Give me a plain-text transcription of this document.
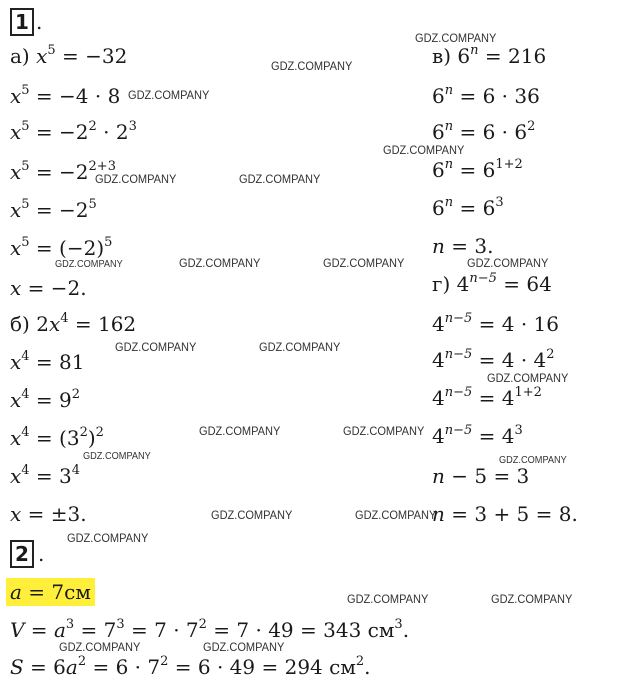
1 .
а) $x^5 = -32$
$x^5 = -4 \cdot 8$
$x^5 = -2^2 \cdot 2^3$
$x^5 = -2^{2+3}$
$x^5 = -2^5$
$x^5 = (-2)^5$
x = −2.
б) $2x^4 = 162$
$x^4 = 81$
$x^4 = 9^2$
$x^4 = (3^2)^2$
$x^4 = 3^4$
x = ±3.
в) $6^n = 216$
$6^n = 6 \cdot 36$
$6^n = 6 \cdot 6^2$
$6^n = 6^{1+2}$
$6^n = 6^3$
n = 3.
г) $4^{n-5} = 64$
$4^{n-5} = 4 \cdot 16$
$4^{n-5} = 4 \cdot 4^2$
$4^{n-5} = 4^{1+2}$
$4^{n-5} = 4^3$
n − 5 = 3
n = 3 + 5 = 8.
2 .
a = 7см
$V = a^3 = 7^3 = 7 \cdot 7^2 = 7 \cdot 49 = 343$ $см^3$.
$S = 6a^2 = 6 \cdot 7^2 = 6 \cdot 49 = 294$ $см^2$.
GDZ.COMPANY
GDZ.COMPANY
GDZ.COMPANY
GDZ.COMPANY
GDZ.COMPANY	GDZ.COMPANY
GDZ.COMPANY	GDZ.COMPANY	GDZ.COMPANY	GDZ.COMPANY
GDZ.COMPANY	GDZ.COMPANY
GDZ.COMPANY
GDZ.COMPANY	GDZ.COMPANY
GDZ.COMPANY	GDZ.COMPANY
GDZ.COMPANY	GDZ.COMPANY
GDZ.COMPANY
GDZ.COMPANY	GDZ.COMPANY
GDZ.COMPANY	GDZ.COMPANY
